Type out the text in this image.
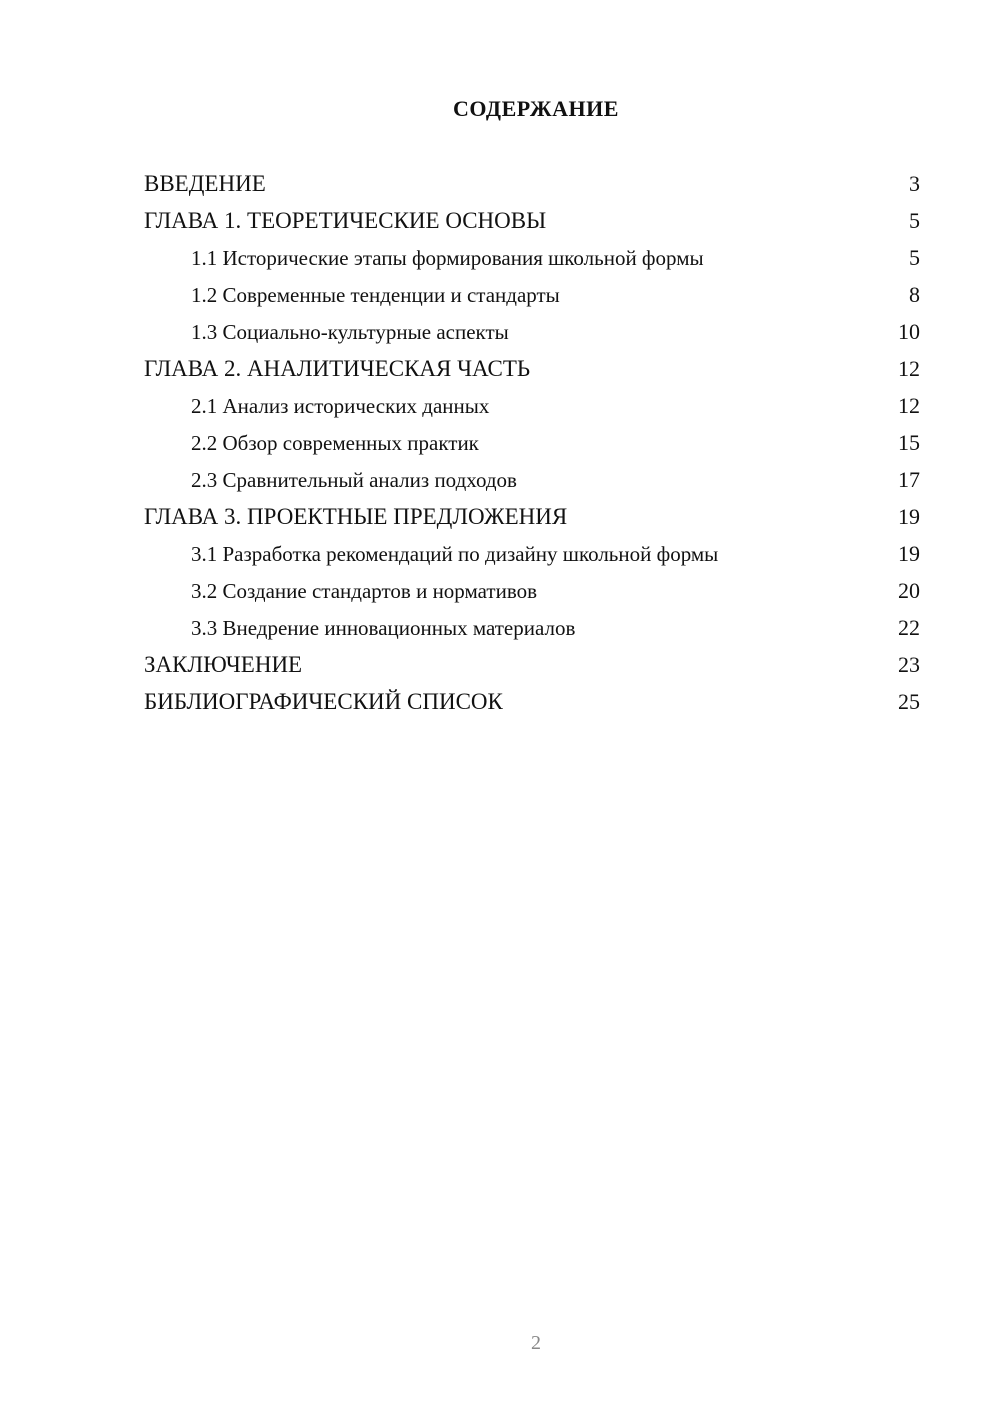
СОДЕРЖАНИЕ
ВВЕДЕНИЕ	3
ГЛАВА 1. ТЕОРЕТИЧЕСКИЕ ОСНОВЫ	5
1.1 Исторические этапы формирования школьной формы	5
1.2 Современные тенденции и стандарты	8
1.3 Социально-культурные аспекты	10
ГЛАВА 2. АНАЛИТИЧЕСКАЯ ЧАСТЬ	12
2.1 Анализ исторических данных	12
2.2 Обзор современных практик	15
2.3 Сравнительный анализ подходов	17
ГЛАВА 3. ПРОЕКТНЫЕ ПРЕДЛОЖЕНИЯ	19
3.1 Разработка рекомендаций по дизайну школьной формы	19
3.2 Создание стандартов и нормативов	20
3.3 Внедрение инновационных материалов	22
ЗАКЛЮЧЕНИЕ	23
БИБЛИОГРАФИЧЕСКИЙ СПИСОК	25
2
